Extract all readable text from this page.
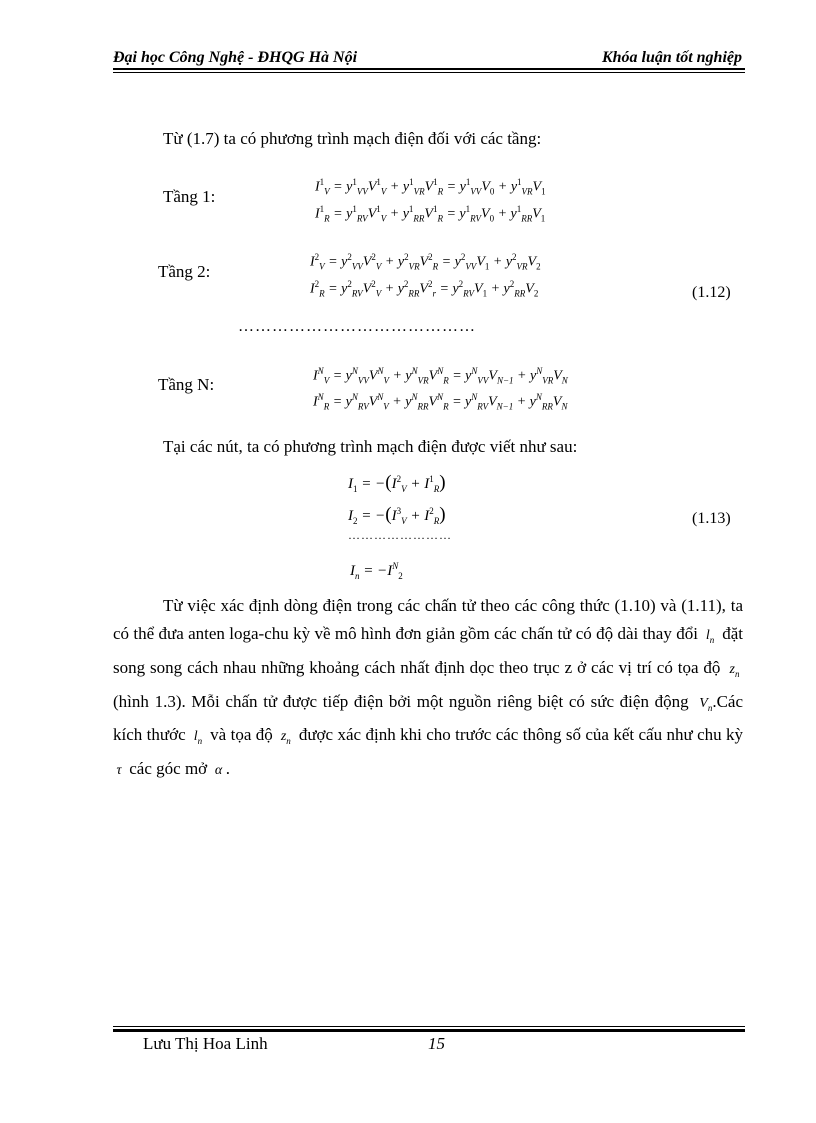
Đại học Công Nghệ - ĐHQG Hà Nội	Khóa luận tốt nghiệp
Từ (1.7) ta có phương trình mạch điện đối với các tầng:
Tầng 1:	$I^1_V = y^1_{VV}V^1_V + y^1_{VR}V^1_R = y^1_{VV}V_0 + y^1_{VR}V_1$
$I^1_R = y^1_{RV}V^1_V + y^1_{RR}V^1_R = y^1_{RV}V_0 + y^1_{RR}V_1$
Tầng 2:	$I^2_V = y^2_{VV}V^2_V + y^2_{VR}V^2_R = y^2_{VV}V_1 + y^2_{VR}V_2$
$I^2_R = y^2_{RV}V^2_V + y^2_{RR}V^2_r = y^2_{RV}V_1 + y^2_{RR}V_2$	(1.12)
……………………………………
Tầng N:	$I^N_V = y^N_{VV}V^N_V + y^N_{VR}V^N_R = y^N_{VV}V_{N-1} + y^N_{VR}V_N$
$I^N_R = y^N_{RV}V^N_V + y^N_{RR}V^N_R = y^N_{RV}V_{N-1} + y^N_{RR}V_N$
Tại các nút, ta có phương trình mạch điện được viết như sau:
$I_1 = -(I^2_V + I^1_R)$
$I_2 = -(I^3_V + I^2_R)$	(1.13)
……………………
$I_n = -I^N_2$
Từ việc xác định dòng điện trong các chấn tử theo các công thức (1.10) và (1.11), ta có thể đưa anten loga-chu kỳ về mô hình đơn giản gồm các chấn tử có độ dài thay đổi  $l_n$ đặt song song cách nhau những khoảng cách nhất định dọc theo trục z ở các vị trí có tọa độ  $z_n$  (hình 1.3). Mỗi chấn tử được tiếp điện bởi một nguồn riêng biệt có sức điện động  $V_n.Các$ kích thước  $l_n$ và tọa độ  $z_n$ được xác định khi cho trước các thông số của kết cấu như chu kỳ  τ  các góc mở  α .
Lưu Thị Hoa Linh	15
